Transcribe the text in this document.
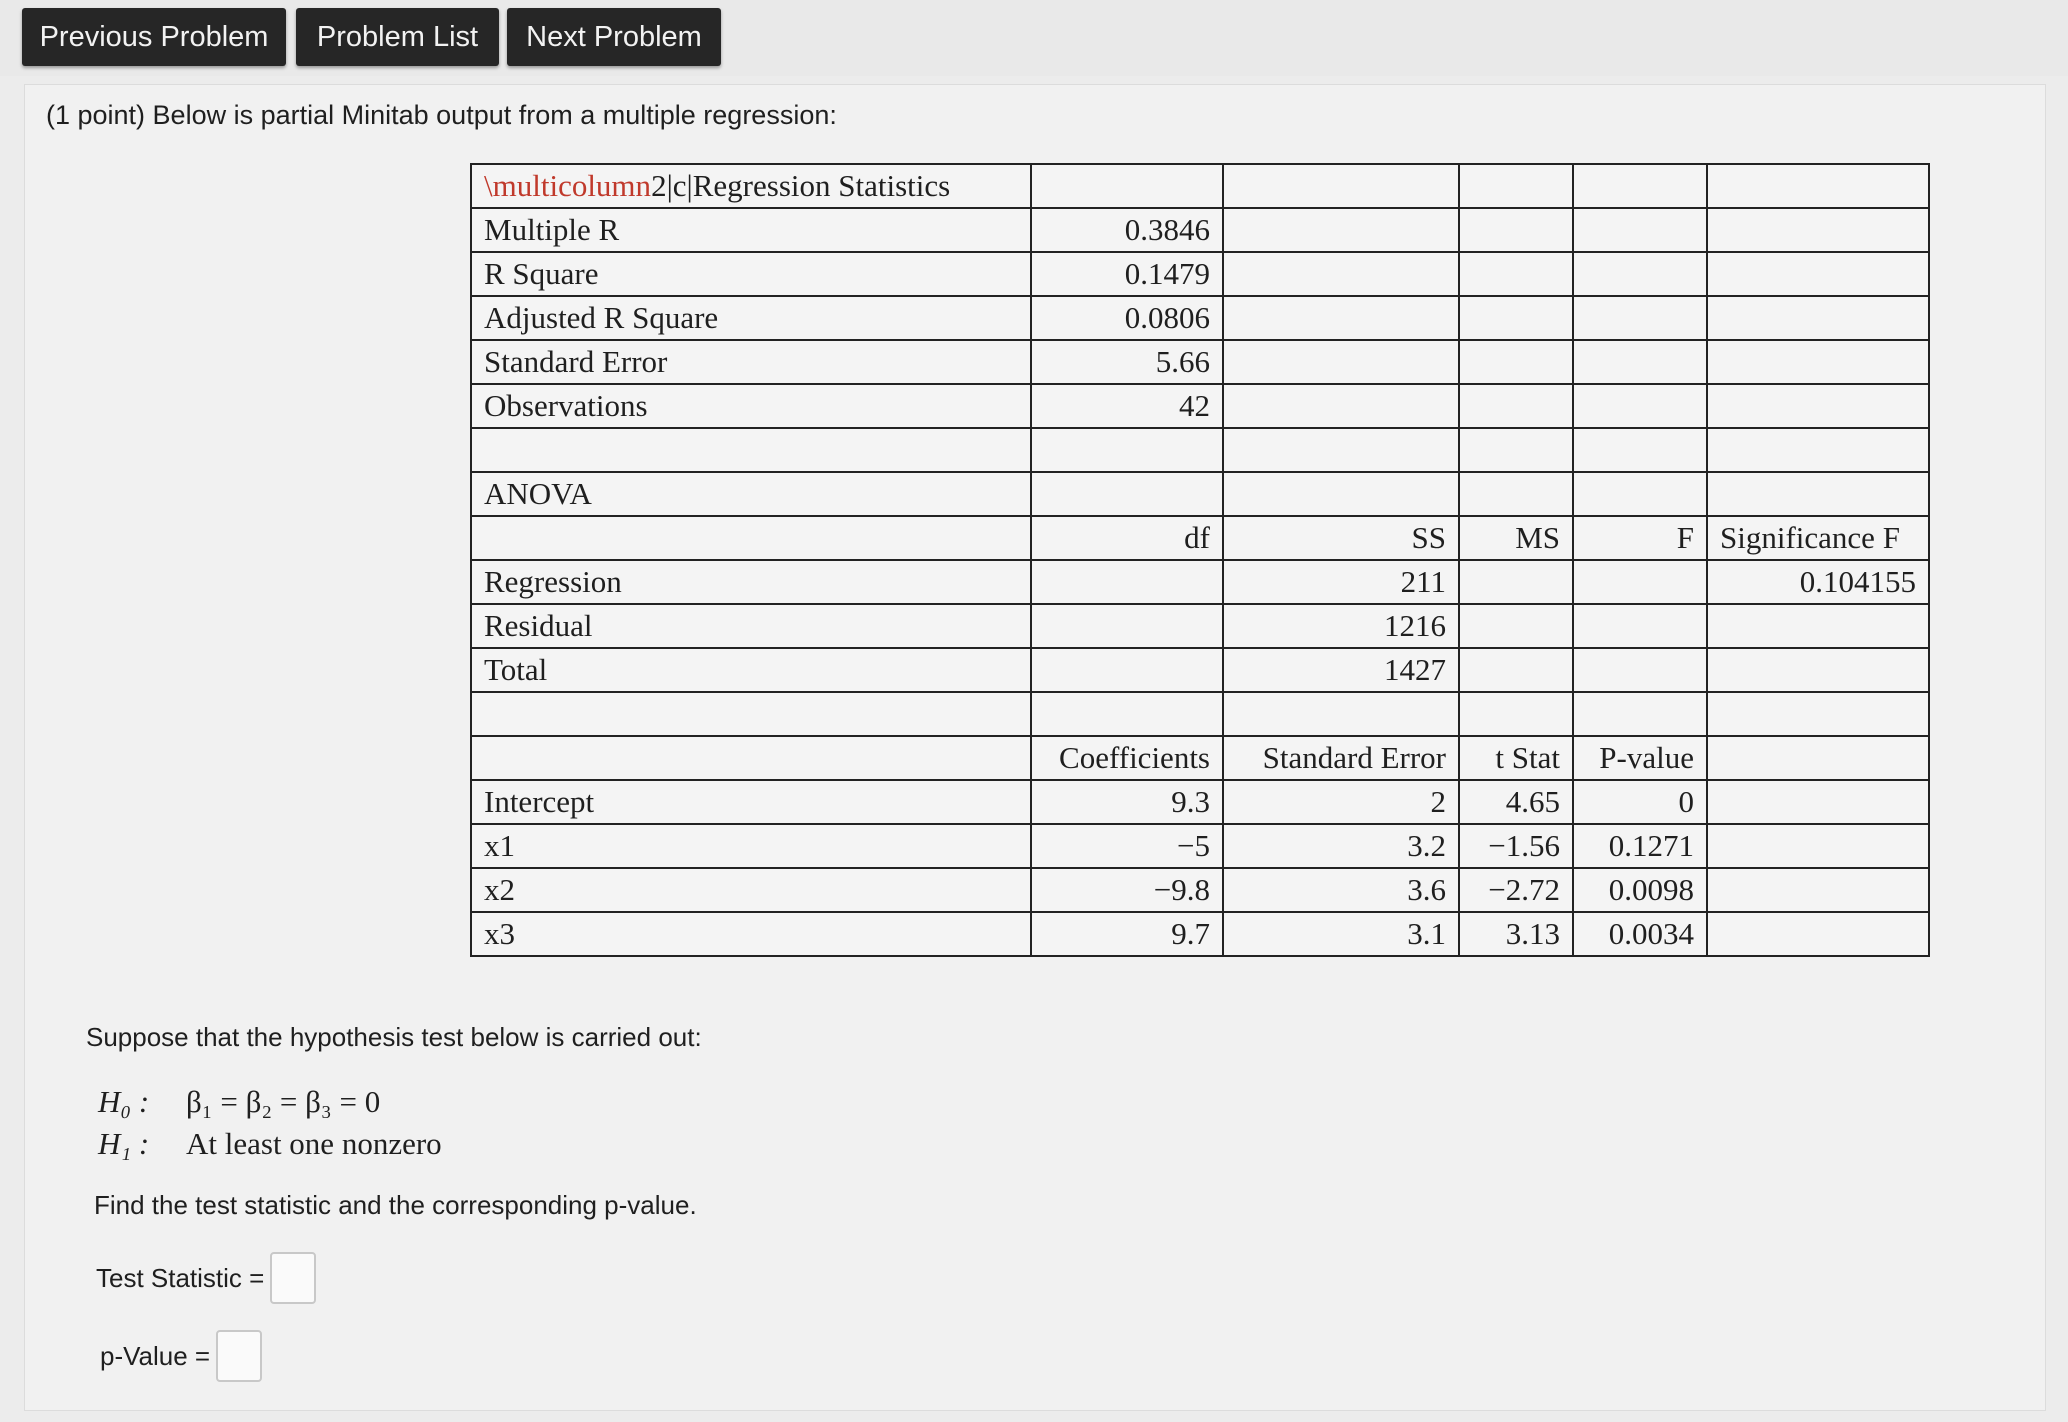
Previous Problem	Problem List	Next Problem
(1 point) Below is partial Minitab output from a multiple regression:
\multicolumn2|c|Regression Statistics					
Multiple R	0.3846				
R Square	0.1479				
Adjusted R Square	0.0806				
Standard Error	5.66				
Observations	42				

ANOVA					
	df	SS	MS	F	Significance F
Regression		211			0.104155
Residual		1216			
Total		1427			

	Coefficients	Standard Error	t Stat	P-value	
Intercept	9.3	2	4.65	0	
x1	−5	3.2	−1.56	0.1271	
x2	−9.8	3.6	−2.72	0.0098	
x3	9.7	3.1	3.13	0.0034	
Suppose that the hypothesis test below is carried out:
H₀ : β₁ = β₂ = β₃ = 0
H₁ : At least one nonzero
Find the test statistic and the corresponding p-value.
Test Statistic =
p-Value =
